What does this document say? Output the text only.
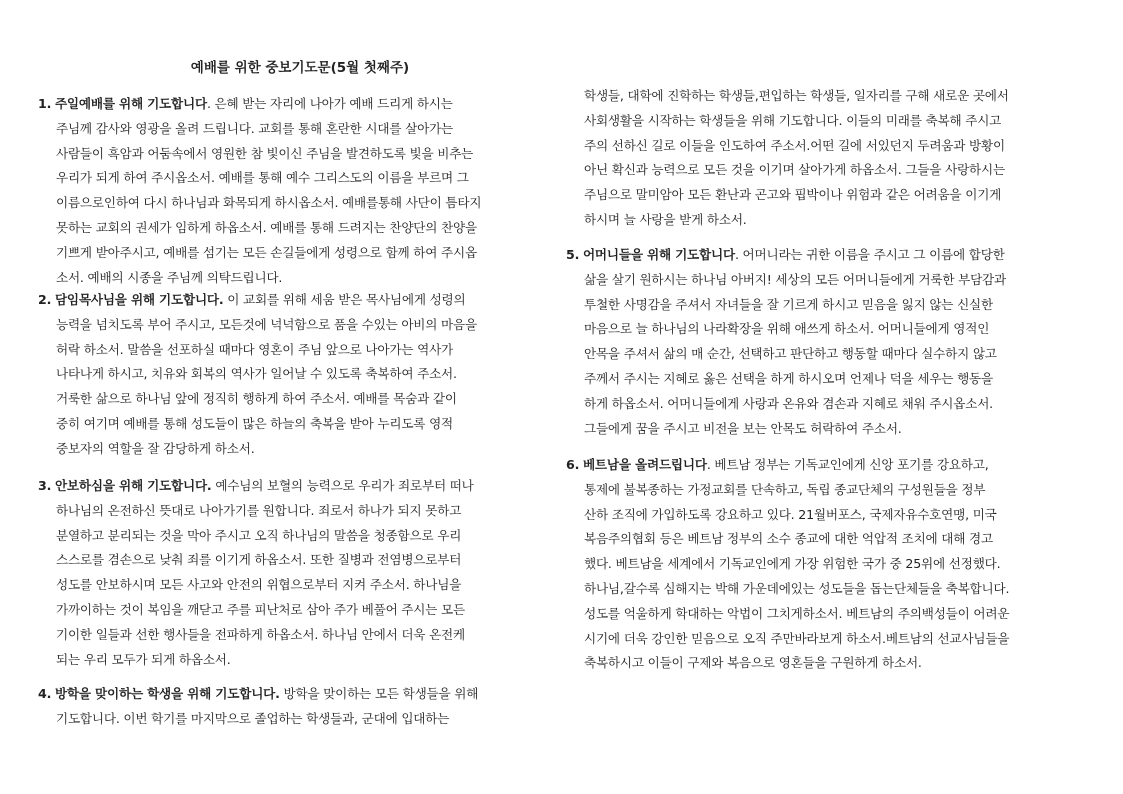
예배를 위한 중보기도문(5월 첫째주)
1. 주일예배를 위해 기도합니다. 은혜 받는 자리에 나아가 예배 드리게 하시는
주님께 감사와 영광을 올려 드립니다. 교회를 통해 혼란한 시대를 살아가는
사람들이 흑암과 어둠속에서 영원한 참 빛이신 주님을 발견하도록 빛을 비추는
우리가 되게 하여 주시옵소서. 예배를 통해 예수 그리스도의 이름을 부르며 그
이름으로인하여 다시 하나님과 화목되게 하시옵소서. 예배를통해 사단이 틈타지
못하는 교회의 권세가 임하게 하옵소서. 예배를 통해 드려지는 찬양단의 찬양을
기쁘게 받아주시고, 예배를 섬기는 모든 손길들에게 성령으로 함께 하여 주시옵
소서. 예배의 시종을 주님께 의탁드립니다.
2. 담임목사님을 위해 기도합니다. 이 교회를 위해 세움 받은 목사님에게 성령의
능력을 넘치도록 부어 주시고, 모든것에 넉넉함으로 품을 수있는 아비의 마음을
허락 하소서. 말씀을 선포하실 때마다 영혼이 주님 앞으로 나아가는 역사가
나타나게 하시고, 치유와 회복의 역사가 일어날 수 있도록 축복하여 주소서.
거룩한 삶으로 하나님 앞에 정직히 행하게 하여 주소서. 예배를 목숨과 같이
중히 여기며 예배를 통해 성도들이 많은 하늘의 축복을 받아 누리도록 영적
중보자의 역할을 잘 감당하게 하소서.
3. 안보하심을 위해 기도합니다. 예수님의 보혈의 능력으로 우리가 죄로부터 떠나
하나님의 온전하신 뜻대로 나아가기를 원합니다. 죄로서 하나가 되지 못하고
분열하고 분리되는 것을 막아 주시고 오직 하나님의 말씀을 청종함으로 우리
스스로를 겸손으로 낮춰 죄를 이기게 하옵소서. 또한 질병과 전염병으로부터
성도를 안보하시며 모든 사고와 안전의 위협으로부터 지켜 주소서. 하나님을
가까이하는 것이 복임을 깨닫고 주를 피난처로 삼아 주가 베풀어 주시는 모든
기이한 일들과 선한 행사들을 전파하게 하옵소서. 하나님 안에서 더욱 온전케
되는 우리 모두가 되게 하옵소서.
4. 방학을 맞이하는 학생을 위해 기도합니다. 방학을 맞이하는 모든 학생들을 위해
기도합니다. 이번 학기를 마지막으로 졸업하는 학생들과, 군대에 입대하는
학생들, 대학에 진학하는 학생들,편입하는 학생들, 일자리를 구해 새로운 곳에서
사회생활을 시작하는 학생들을 위해 기도합니다. 이들의 미래를 축복해 주시고
주의 선하신 길로 이들을 인도하여 주소서.어떤 길에 서있던지 두려움과 방황이
아닌 확신과 능력으로 모든 것을 이기며 살아가게 하옵소서. 그들을 사랑하시는
주님으로 말미암아 모든 환난과 곤고와 핍박이나 위험과 같은 어려움을 이기게
하시며 늘 사랑을 받게 하소서.
5. 어머니들을 위해 기도합니다. 어머니라는 귀한 이름을 주시고 그 이름에 합당한
삶을 살기 원하시는 하나님 아버지! 세상의 모든 어머니들에게 거룩한 부담감과
투철한 사명감을 주셔서 자녀들을 잘 기르게 하시고 믿음을 잃지 않는 신실한
마음으로 늘 하나님의 나라확장을 위해 애쓰게 하소서. 어머니들에게 영적인
안목을 주셔서 삶의 매 순간, 선택하고 판단하고 행동할 때마다 실수하지 않고
주께서 주시는 지혜로 옳은 선택을 하게 하시오며 언제나 덕을 세우는 행동을
하게 하옵소서. 어머니들에게 사랑과 온유와 겸손과 지혜로 채워 주시옵소서.
그들에게 꿈을 주시고 비전을 보는 안목도 허락하여 주소서.
6. 베트남을 올려드립니다. 베트남 정부는 기독교인에게 신앙 포기를 강요하고,
통제에 불복종하는 가정교회를 단속하고, 독립 종교단체의 구성원들을 정부
산하 조직에 가입하도록 강요하고 있다. 21월버포스, 국제자유수호연맹, 미국
복음주의협회 등은 베트남 정부의 소수 종교에 대한 억압적 조치에 대해 경고
했다. 베트남을 세계에서 기독교인에게 가장 위험한 국가 중 25위에 선정했다.
하나님,갈수록 심해지는 박해 가운데에있는 성도들을 돕는단체들을 축복합니다.
성도를 억울하게 학대하는 악법이 그치게하소서. 베트남의 주의백성들이 어려운
시기에 더욱 강인한 믿음으로 오직 주만바라보게 하소서.베트남의 선교사님들을
축복하시고 이들이 구제와 복음으로 영혼들을 구원하게 하소서.
